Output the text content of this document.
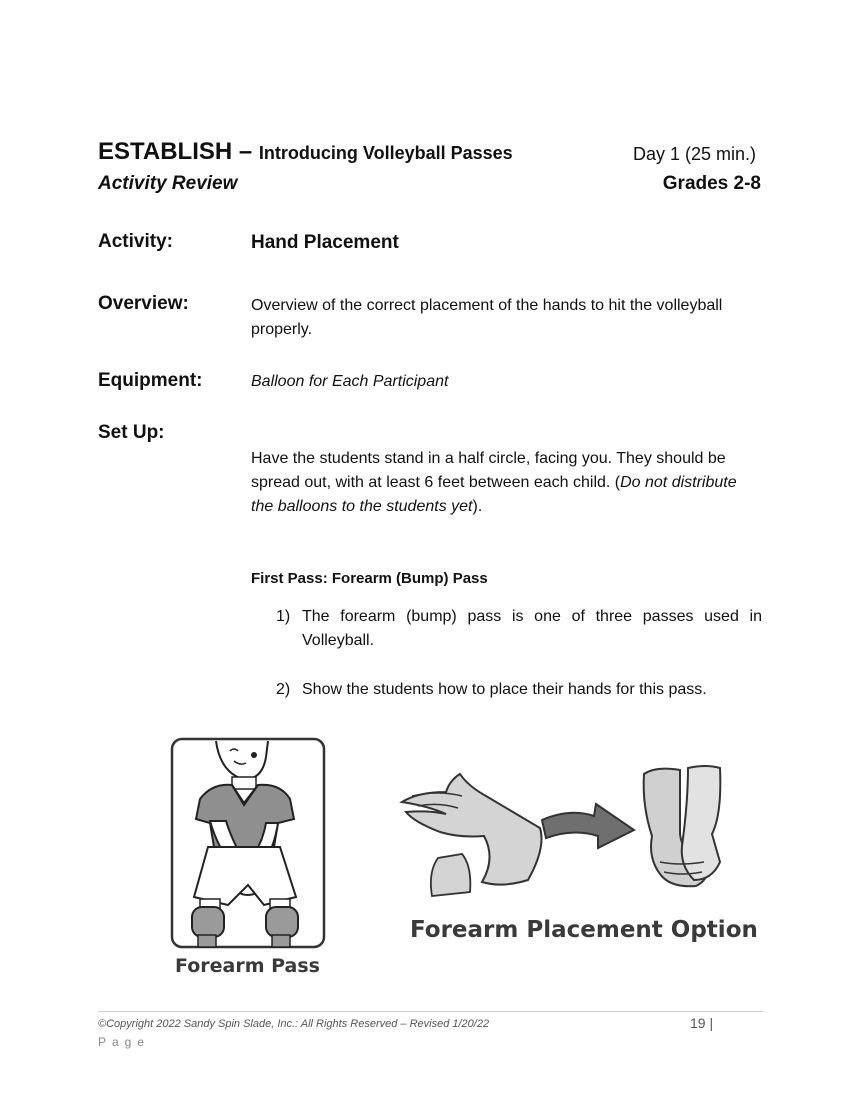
ESTABLISH – Introducing Volleyball Passes	Day 1 (25 min.)
Activity Review	Grades 2-8
Activity:	Hand Placement
Overview:	Overview of the correct placement of the hands to hit the volleyball properly.
Equipment:	Balloon for Each Participant
Set Up:
Have the students stand in a half circle, facing you. They should be spread out, with at least 6 feet between each child. (Do not distribute the balloons to the students yet).
First Pass: Forearm (Bump) Pass
1) The forearm (bump) pass is one of three passes used in Volleyball.
2) Show the students how to place their hands for this pass.
Forearm Pass
Forearm Placement Option
©Copyright 2022 Sandy Spin Slade, Inc.: All Rights Reserved – Revised 1/20/22	19 |
Page
